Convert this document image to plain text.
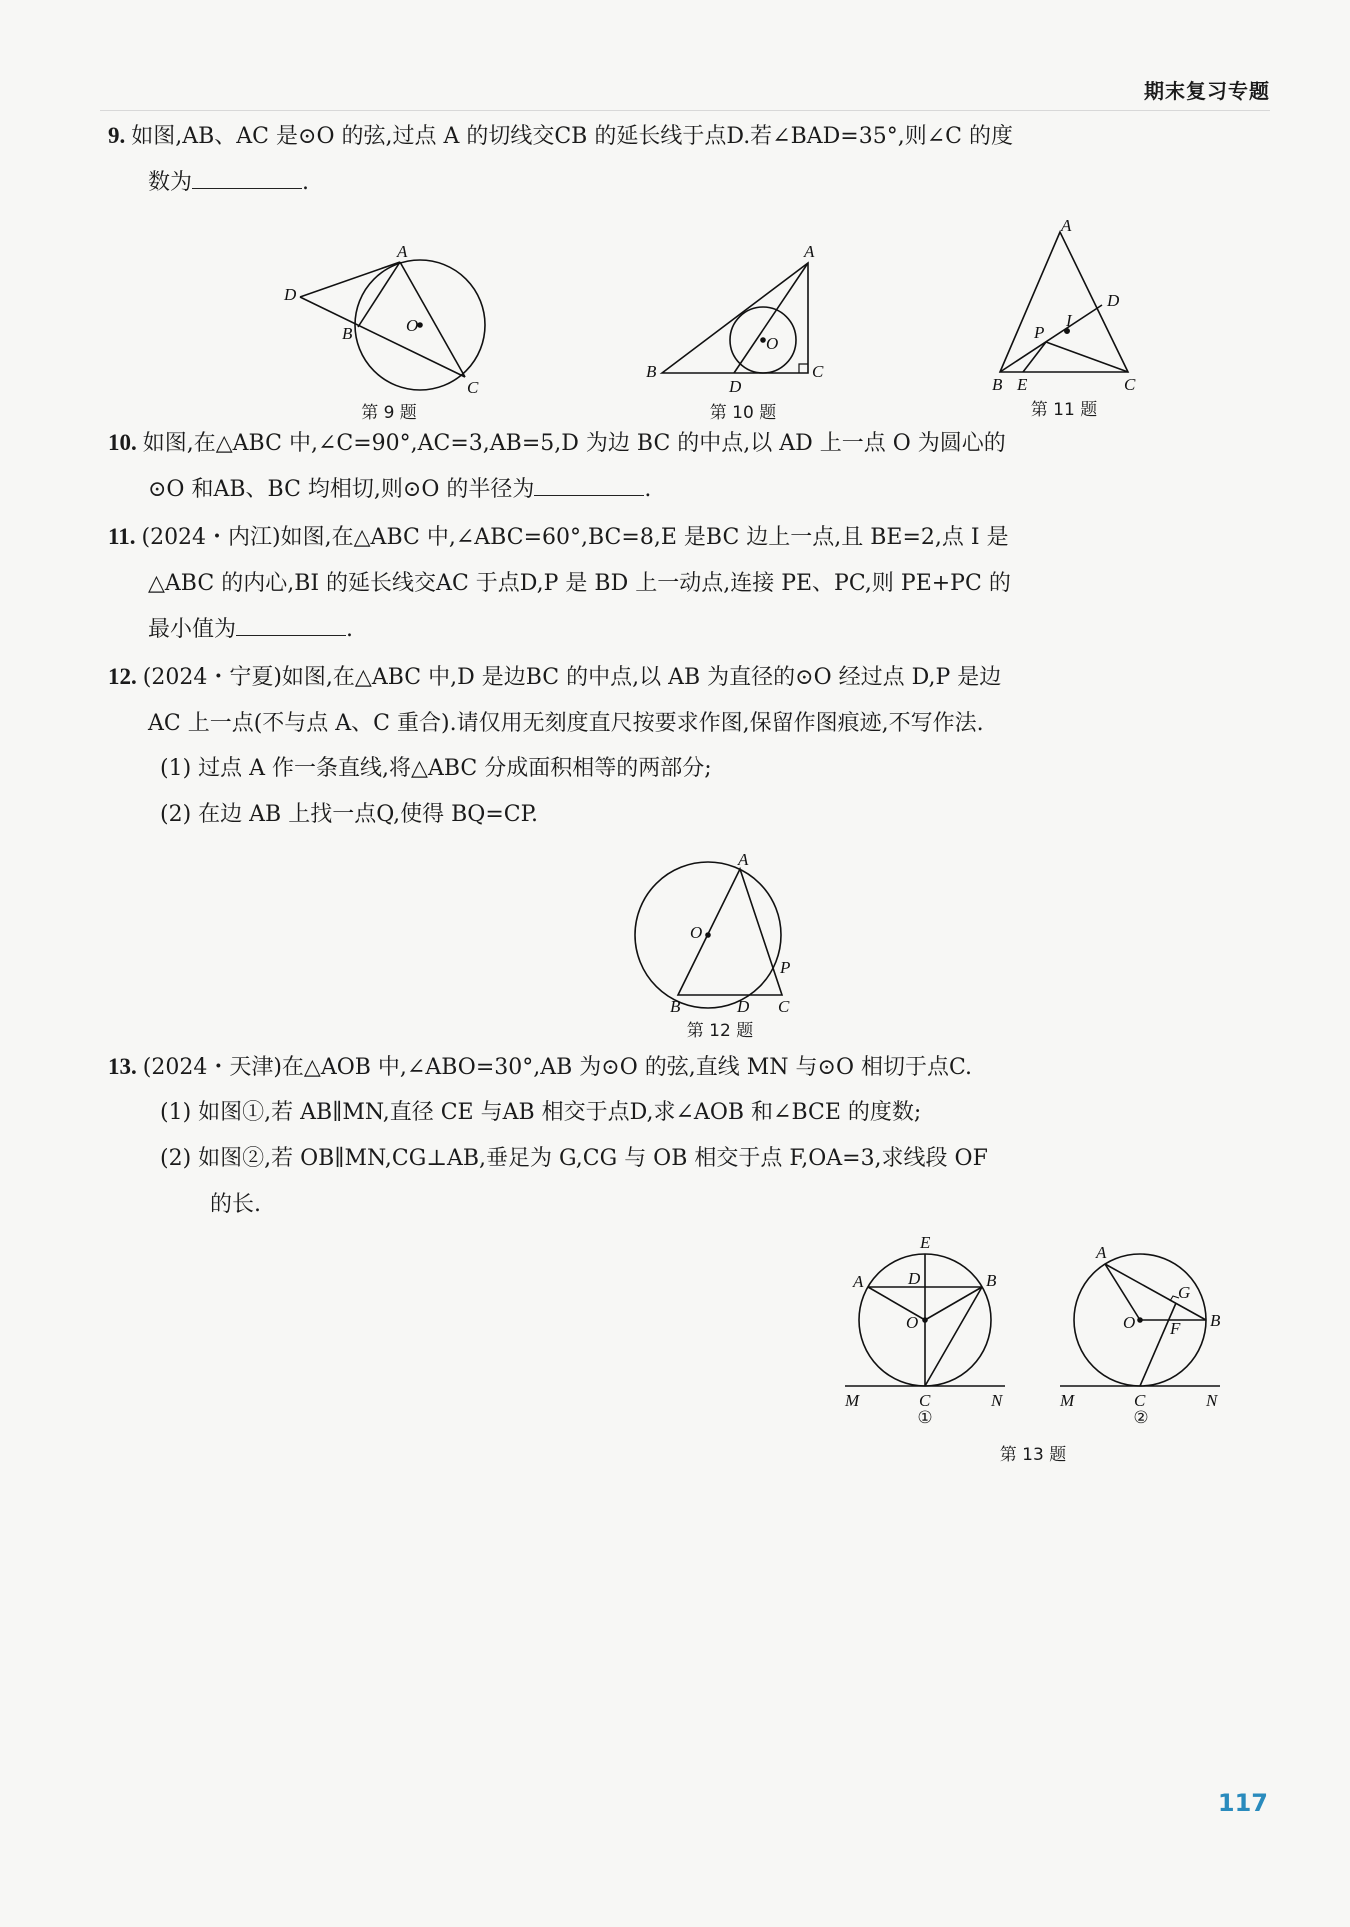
期末复习专题
9. 如图,AB、AC 是⊙O 的弦,过点 A 的切线交CB 的延长线于点D.若∠BAD=35°,则∠C 的度
数为	.
A
D
B	O
C
第 9 题
A
B
D
O
C
第 10 题
A
D
I
P
B E	C
第 11 题
10. 如图,在△ABC 中,∠C=90°,AC=3,AB=5,D 为边 BC 的中点,以 AD 上一点 O 为圆心的
⊙O 和AB、BC 均相切,则⊙O 的半径为	.
11. (2024・内江)如图,在△ABC 中,∠ABC=60°,BC=8,E 是BC 边上一点,且 BE=2,点 I 是
△ABC 的内心,BI 的延长线交AC 于点D,P 是 BD 上一动点,连接 PE、PC,则 PE+PC 的
最小值为	.
12. (2024・宁夏)如图,在△ABC 中,D 是边BC 的中点,以 AB 为直径的⊙O 经过点 D,P 是边
AC 上一点(不与点 A、C 重合).请仅用无刻度直尺按要求作图,保留作图痕迹,不写作法.
(1) 过点 A 作一条直线,将△ABC 分成面积相等的两部分;
(2) 在边 AB 上找一点Q,使得 BQ=CP.
A
O
P
B	D C
第 12 题
13. (2024・天津)在△AOB 中,∠ABO=30°,AB 为⊙O 的弦,直线 MN 与⊙O 相切于点C.
(1) 如图①,若 AB∥MN,直径 CE 与AB 相交于点D,求∠AOB 和∠BCE 的度数;
(2) 如图②,若 OB∥MN,CG⊥AB,垂足为 G,CG 与 OB 相交于点 F,OA=3,求线段 OF
的长.
E
A	D	B
O
M	C	N
①
A
G
O F B
M	C	N
②
第 13 题
117
